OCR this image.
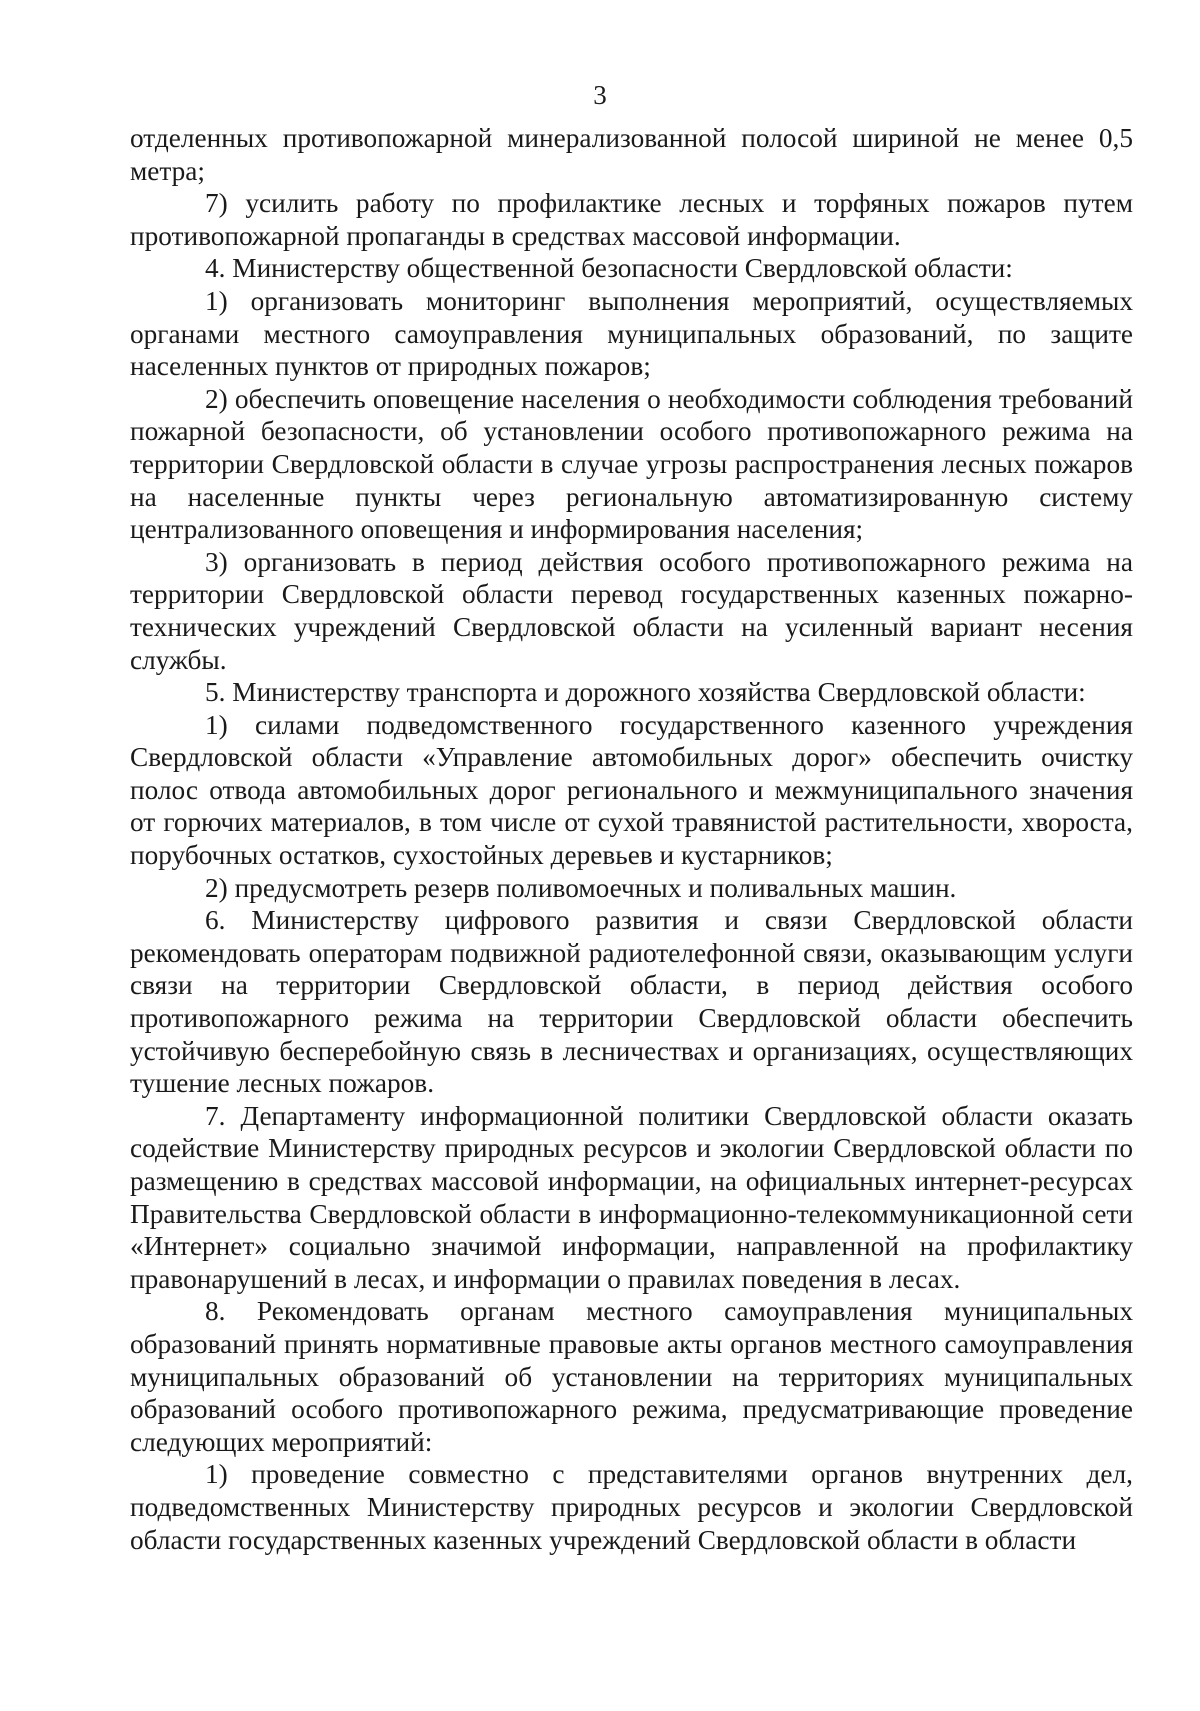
3

отделенных противопожарной минерализованной полосой шириной не менее 0,5 метра;

7) усилить работу по профилактике лесных и торфяных пожаров путем противопожарной пропаганды в средствах массовой информации.

4. Министерству общественной безопасности Свердловской области:

1) организовать мониторинг выполнения мероприятий, осуществляемых органами местного самоуправления муниципальных образований, по защите населенных пунктов от природных пожаров;

2) обеспечить оповещение населения о необходимости соблюдения требований пожарной безопасности, об установлении особого противопожарного режима на территории Свердловской области в случае угрозы распространения лесных пожаров на населенные пункты через региональную автоматизированную систему централизованного оповещения и информирования населения;

3) организовать в период действия особого противопожарного режима на территории Свердловской области перевод государственных казенных пожарно-технических учреждений Свердловской области на усиленный вариант несения службы.

5. Министерству транспорта и дорожного хозяйства Свердловской области:

1) силами подведомственного государственного казенного учреждения Свердловской области «Управление автомобильных дорог» обеспечить очистку полос отвода автомобильных дорог регионального и межмуниципального значения от горючих материалов, в том числе от сухой травянистой растительности, хвороста, порубочных остатков, сухостойных деревьев и кустарников;

2) предусмотреть резерв поливомоечных и поливальных машин.

6. Министерству цифрового развития и связи Свердловской области рекомендовать операторам подвижной радиотелефонной связи, оказывающим услуги связи на территории Свердловской области, в период действия особого противопожарного режима на территории Свердловской области обеспечить устойчивую бесперебойную связь в лесничествах и организациях, осуществляющих тушение лесных пожаров.

7. Департаменту информационной политики Свердловской области оказать содействие Министерству природных ресурсов и экологии Свердловской области по размещению в средствах массовой информации, на официальных интернет-ресурсах Правительства Свердловской области в информационно-телекоммуникационной сети «Интернет» социально значимой информации, направленной на профилактику правонарушений в лесах, и информации о правилах поведения в лесах.

8. Рекомендовать органам местного самоуправления муниципальных образований принять нормативные правовые акты органов местного самоуправления муниципальных образований об установлении на территориях муниципальных образований особого противопожарного режима, предусматривающие проведение следующих мероприятий:

1) проведение совместно с представителями органов внутренних дел, подведомственных Министерству природных ресурсов и экологии Свердловской области государственных казенных учреждений Свердловской области в области
